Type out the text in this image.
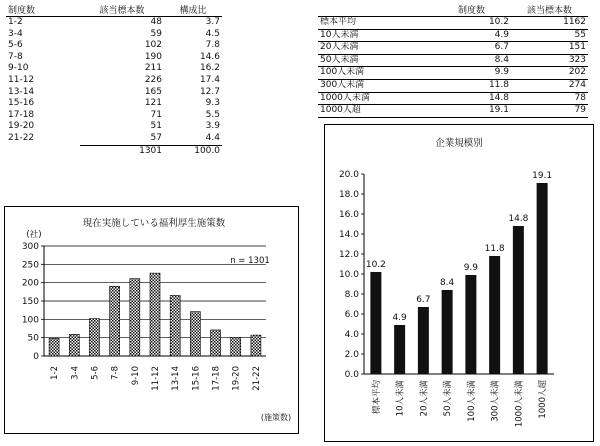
制度数	該当標本数	構成比
1-2	48	3.7
3-4	59	4.5
5-6	102	7.8
7-8	190	14.6
9-10	211	16.2
11-12	226	17.4
13-14	165	12.7
15-16	121	9.3
17-18	71	5.5
19-20	51	3.9
21-22	57	4.4
	1301	100.0
	制度数	該当標本数
標本平均	10.2	1162
10人未満	4.9	55
20人未満	6.7	151
50人未満	8.4	323
100人未満	9.9	202
300人未満	11.8	274
1000人未満	14.8	78
1000人超	19.1	79
現在実施している福利厚生施策数
(社)
n = 1301
(施策数)
0
50
100
150
200
250
300
1-2 3-4 5-6 7-8 9-10 11-12 13-14 15-16 17-18 19-20 21-22
企業規模別
0.0
2.0
4.0
6.0
8.0
10.0
12.0
14.0
16.0
18.0
20.0
10.2
標本平均
4.9
10人未満
6.7
20人未満
8.4
50人未満
9.9
100人未満
11.8
300人未満
14.8
1000人未満
19.1
1000人超
